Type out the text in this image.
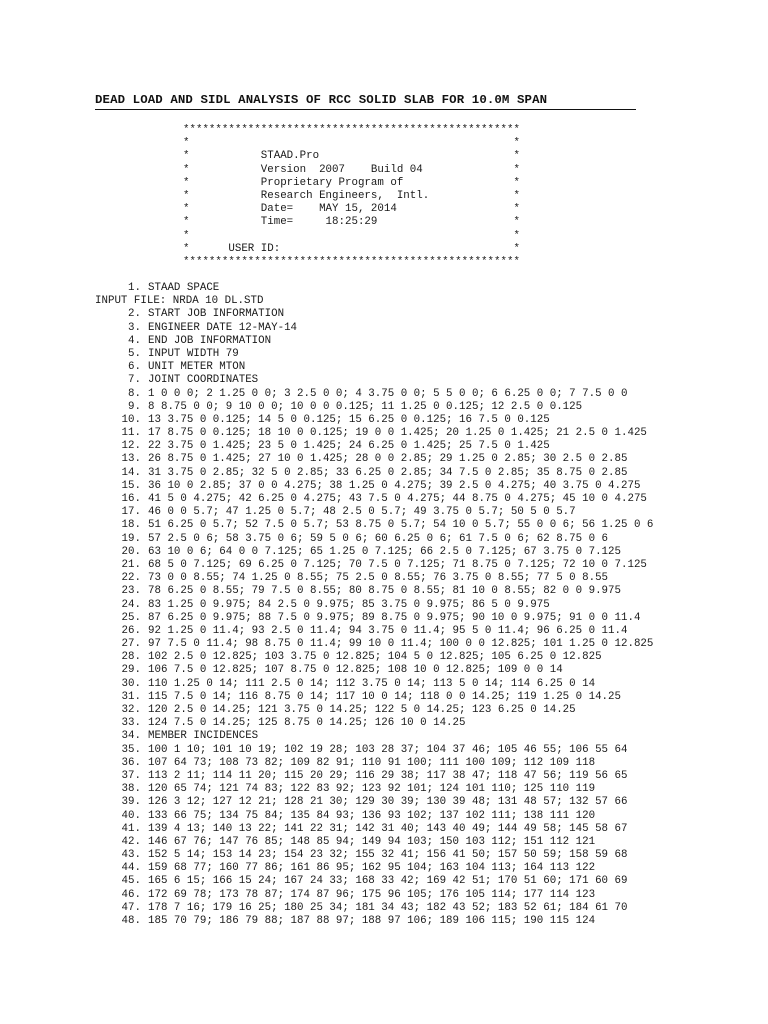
DEAD LOAD AND SIDL ANALYSIS OF RCC SOLID SLAB FOR 10.0M SPAN
****************************************************
*                                                  *
*           STAAD.Pro                              *
*           Version  2007    Build 04              *
*           Proprietary Program of                 *
*           Research Engineers,  Intl.             *
*           Date=    MAY 15, 2014                  *
*           Time=     18:25:29                     *
*                                                  *
*      USER ID:                                    *
****************************************************
1. STAAD SPACE
INPUT FILE: NRDA 10 DL.STD
2. START JOB INFORMATION
3. ENGINEER DATE 12-MAY-14
4. END JOB INFORMATION
5. INPUT WIDTH 79
6. UNIT METER MTON
7. JOINT COORDINATES
8. 1 0 0 0; 2 1.25 0 0; 3 2.5 0 0; 4 3.75 0 0; 5 5 0 0; 6 6.25 0 0; 7 7.5 0 0
9. 8 8.75 0 0; 9 10 0 0; 10 0 0 0.125; 11 1.25 0 0.125; 12 2.5 0 0.125
10. 13 3.75 0 0.125; 14 5 0 0.125; 15 6.25 0 0.125; 16 7.5 0 0.125
11. 17 8.75 0 0.125; 18 10 0 0.125; 19 0 0 1.425; 20 1.25 0 1.425; 21 2.5 0 1.425
12. 22 3.75 0 1.425; 23 5 0 1.425; 24 6.25 0 1.425; 25 7.5 0 1.425
13. 26 8.75 0 1.425; 27 10 0 1.425; 28 0 0 2.85; 29 1.25 0 2.85; 30 2.5 0 2.85
14. 31 3.75 0 2.85; 32 5 0 2.85; 33 6.25 0 2.85; 34 7.5 0 2.85; 35 8.75 0 2.85
15. 36 10 0 2.85; 37 0 0 4.275; 38 1.25 0 4.275; 39 2.5 0 4.275; 40 3.75 0 4.275
16. 41 5 0 4.275; 42 6.25 0 4.275; 43 7.5 0 4.275; 44 8.75 0 4.275; 45 10 0 4.275
17. 46 0 0 5.7; 47 1.25 0 5.7; 48 2.5 0 5.7; 49 3.75 0 5.7; 50 5 0 5.7
18. 51 6.25 0 5.7; 52 7.5 0 5.7; 53 8.75 0 5.7; 54 10 0 5.7; 55 0 0 6; 56 1.25 0 6
19. 57 2.5 0 6; 58 3.75 0 6; 59 5 0 6; 60 6.25 0 6; 61 7.5 0 6; 62 8.75 0 6
20. 63 10 0 6; 64 0 0 7.125; 65 1.25 0 7.125; 66 2.5 0 7.125; 67 3.75 0 7.125
21. 68 5 0 7.125; 69 6.25 0 7.125; 70 7.5 0 7.125; 71 8.75 0 7.125; 72 10 0 7.125
22. 73 0 0 8.55; 74 1.25 0 8.55; 75 2.5 0 8.55; 76 3.75 0 8.55; 77 5 0 8.55
23. 78 6.25 0 8.55; 79 7.5 0 8.55; 80 8.75 0 8.55; 81 10 0 8.55; 82 0 0 9.975
24. 83 1.25 0 9.975; 84 2.5 0 9.975; 85 3.75 0 9.975; 86 5 0 9.975
25. 87 6.25 0 9.975; 88 7.5 0 9.975; 89 8.75 0 9.975; 90 10 0 9.975; 91 0 0 11.4
26. 92 1.25 0 11.4; 93 2.5 0 11.4; 94 3.75 0 11.4; 95 5 0 11.4; 96 6.25 0 11.4
27. 97 7.5 0 11.4; 98 8.75 0 11.4; 99 10 0 11.4; 100 0 0 12.825; 101 1.25 0 12.825
28. 102 2.5 0 12.825; 103 3.75 0 12.825; 104 5 0 12.825; 105 6.25 0 12.825
29. 106 7.5 0 12.825; 107 8.75 0 12.825; 108 10 0 12.825; 109 0 0 14
30. 110 1.25 0 14; 111 2.5 0 14; 112 3.75 0 14; 113 5 0 14; 114 6.25 0 14
31. 115 7.5 0 14; 116 8.75 0 14; 117 10 0 14; 118 0 0 14.25; 119 1.25 0 14.25
32. 120 2.5 0 14.25; 121 3.75 0 14.25; 122 5 0 14.25; 123 6.25 0 14.25
33. 124 7.5 0 14.25; 125 8.75 0 14.25; 126 10 0 14.25
34. MEMBER INCIDENCES
35. 100 1 10; 101 10 19; 102 19 28; 103 28 37; 104 37 46; 105 46 55; 106 55 64
36. 107 64 73; 108 73 82; 109 82 91; 110 91 100; 111 100 109; 112 109 118
37. 113 2 11; 114 11 20; 115 20 29; 116 29 38; 117 38 47; 118 47 56; 119 56 65
38. 120 65 74; 121 74 83; 122 83 92; 123 92 101; 124 101 110; 125 110 119
39. 126 3 12; 127 12 21; 128 21 30; 129 30 39; 130 39 48; 131 48 57; 132 57 66
40. 133 66 75; 134 75 84; 135 84 93; 136 93 102; 137 102 111; 138 111 120
41. 139 4 13; 140 13 22; 141 22 31; 142 31 40; 143 40 49; 144 49 58; 145 58 67
42. 146 67 76; 147 76 85; 148 85 94; 149 94 103; 150 103 112; 151 112 121
43. 152 5 14; 153 14 23; 154 23 32; 155 32 41; 156 41 50; 157 50 59; 158 59 68
44. 159 68 77; 160 77 86; 161 86 95; 162 95 104; 163 104 113; 164 113 122
45. 165 6 15; 166 15 24; 167 24 33; 168 33 42; 169 42 51; 170 51 60; 171 60 69
46. 172 69 78; 173 78 87; 174 87 96; 175 96 105; 176 105 114; 177 114 123
47. 178 7 16; 179 16 25; 180 25 34; 181 34 43; 182 43 52; 183 52 61; 184 61 70
48. 185 70 79; 186 79 88; 187 88 97; 188 97 106; 189 106 115; 190 115 124
